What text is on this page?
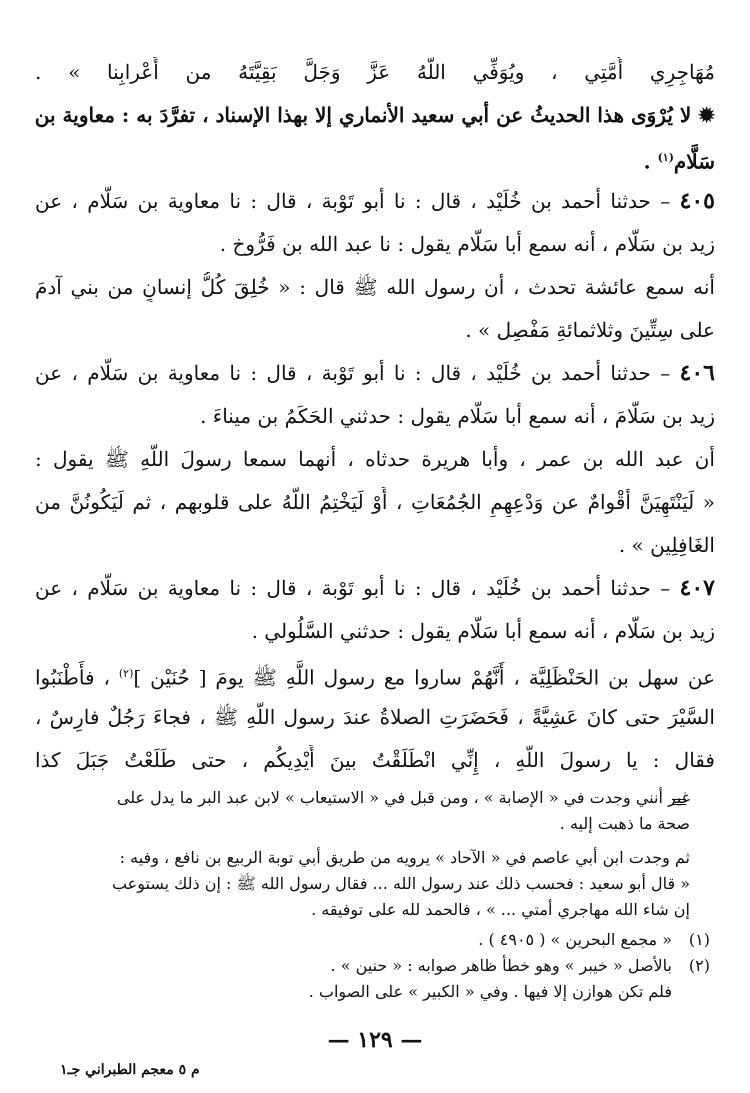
مُهَاجِرِي أُمَّتِي ، ويُوَفِّي اللَّهُ عَزَّ وَجَلَّ بَقِيَّتَهُ من أَعْرابِنا » .
✹ لا يُرْوَى هذا الحديثُ عن أبي سعيد الأنماري إلا بهذا الإسناد ، تفرَّدَ به : معاوية بن
سَلَّام$^{(١)}$ .
٤٠٥ – حدثنا أحمد بن خُلَيْد ، قال : نا أبو تَوْبة ، قال : نا معاوية بن سَلَّام ، عن
زيد بن سَلَّام ، أنه سمع أبا سَلَّام يقول : نا عبد الله بن فَرُّوخ .
أنه سمع عائشة تحدث ، أن رسول الله ﷺ قال : « خُلِقَ كُلُّ إنسانٍ من بني آدمَ
على سِتِّينَ وثلاثمائةِ مَفْصِل » .
٤٠٦ – حدثنا أحمد بن خُلَيْد ، قال : نا أبو تَوْبة ، قال : نا معاوية بن سَلَّام ، عن
زيد بن سَلَّامَ ، أنه سمع أبا سَلَّام يقول : حدثني الحَكَمُ بن ميناءَ .
أن عبد الله بن عمر ، وأبا هريرة حدثاه ، أنهما سمعا رسولَ اللَّهِ ﷺ يقول :
« لَيَنْتَهِيَنَّ أقْوامٌ عن وَدْعِهِمِ الجُمُعَاتِ ، أَوْ لَيَخْتِمُ اللَّهُ على قلوبهم ، ثم لَيَكُونُنَّ من
الغَافِلِين » .
٤٠٧ – حدثنا أحمد بن خُلَيْد ، قال : نا أبو تَوْبة ، قال : نا معاوية بن سَلَّام ، عن
زيد بن سَلَّام ، أنه سمع أبا سَلَّام يقول : حدثني السَّلُولي .
عن سهل بن الحَنْظَلِيَّة ، أَنَّهُمْ ساروا مع رسول اللَّهِ ﷺ يومَ [ حُنَيْن ]$^{(٢)}$ ، فأَطْنَبُوا
السَّيْرَ حتى كانَ عَشِيَّةً ، فَحَضَرَتِ الصلاةُ عندَ رسول اللَّهِ ﷺ ، فجاءَ رَجُلٌ فارِسٌ ،
فقال : يا رسولَ اللَّهِ ، إِنِّي انْطَلَقْتُ بينَ أَيْدِيكُم ، حتى طَلَعْتُ جَبَلَ كذا
غير أنني وجدت في « الإصابة » ، ومن قبل في « الاستيعاب » لابن عبد البر ما يدل على
صحة ما ذهبت إليه .
ثم وجدت ابن أبي عاصم في « الآحاد » يرويه من طريق أبي توبة الربيع بن نافع ، وفيه :
« قال أبو سعيد : فحسب ذلك عند رسول الله ... فقال رسول الله ﷺ : إن ذلك يستوعب
إن شاء الله مهاجري أمتي ... » ، فالحمد لله على توفيقه .
(١)
« مجمع البحرين » ( ٤٩٠٥ ) .
(٢)
بالأصل « خيبر » وهو خطأ ظاهر صوابه : « حنين » .
فلم تكن هوازن إلا فيها . وفي « الكبير » على الصواب .
— ١٢٩ —
م ٥ معجم الطبراني جـ١
